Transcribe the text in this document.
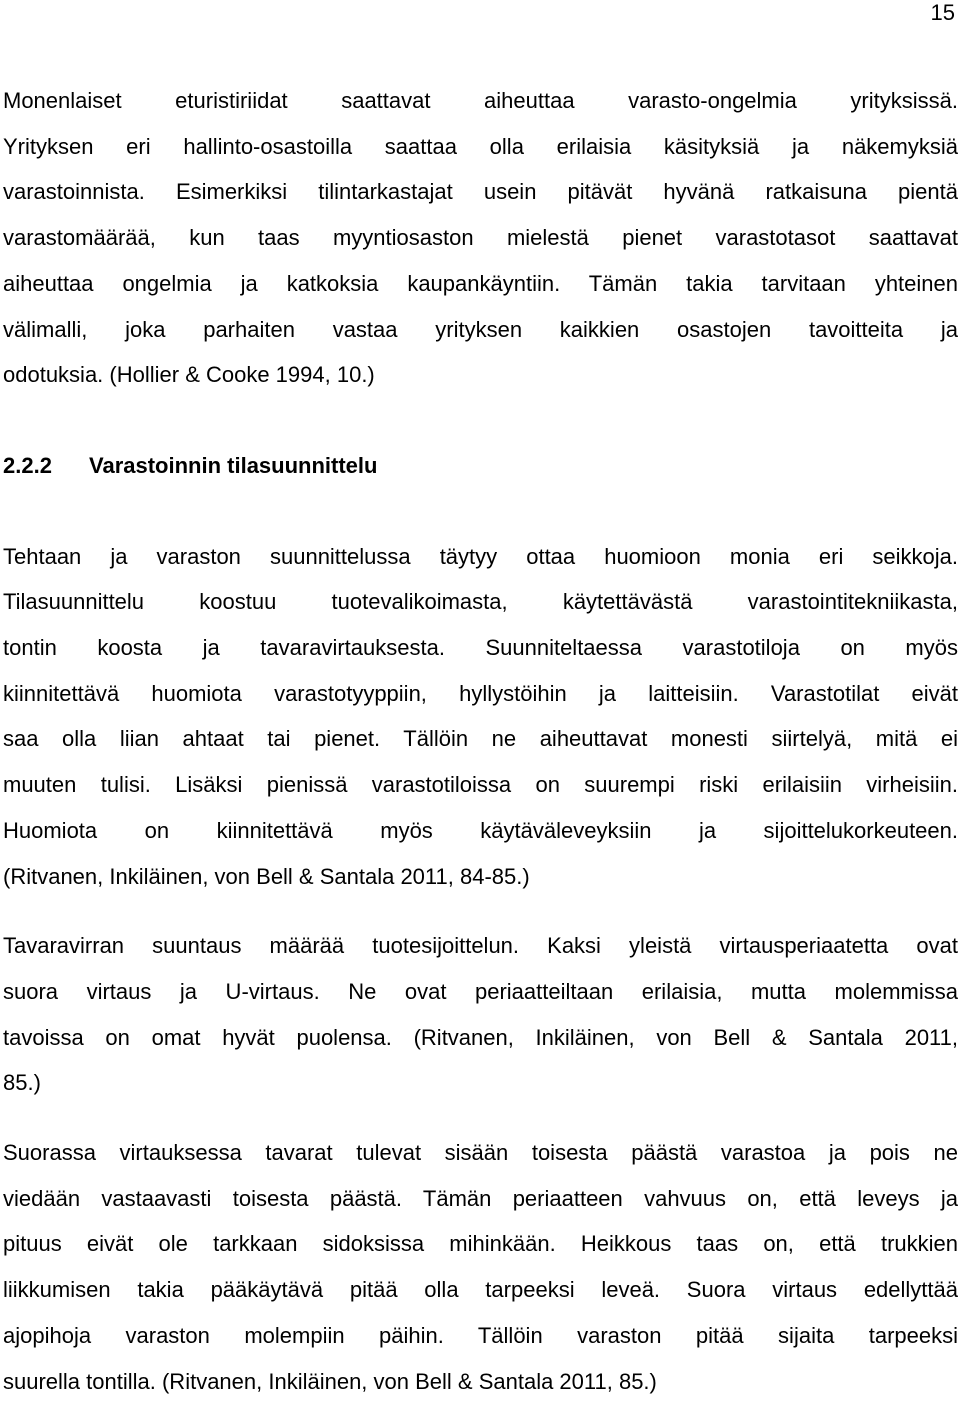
15

Monenlaiset eturistiriidat saattavat aiheuttaa varasto-ongelmia yrityksissä.
Yrityksen eri hallinto-osastoilla saattaa olla erilaisia käsityksiä ja näkemyksiä
varastoinnista. Esimerkiksi tilintarkastajat usein pitävät hyvänä ratkaisuna pientä
varastomäärää, kun taas myyntiosaston mielestä pienet varastotasot saattavat
aiheuttaa ongelmia ja katkoksia kaupankäyntiin. Tämän takia tarvitaan yhteinen
välimalli, joka parhaiten vastaa yrityksen kaikkien osastojen tavoitteita ja
odotuksia. (Hollier & Cooke 1994, 10.)

2.2.2 Varastoinnin tilasuunnittelu

Tehtaan ja varaston suunnittelussa täytyy ottaa huomioon monia eri seikkoja.
Tilasuunnittelu koostuu tuotevalikoimasta, käytettävästä varastointitekniikasta,
tontin koosta ja tavaravirtauksesta. Suunniteltaessa varastotiloja on myös
kiinnitettävä huomiota varastotyyppiin, hyllystöihin ja laitteisiin. Varastotilat eivät
saa olla liian ahtaat tai pienet. Tällöin ne aiheuttavat monesti siirtelyä, mitä ei
muuten tulisi. Lisäksi pienissä varastotiloissa on suurempi riski erilaisiin virheisiin.
Huomiota on kiinnitettävä myös käytäväleveyksiin ja sijoittelukorkeuteen.
(Ritvanen, Inkiläinen, von Bell & Santala 2011, 84-85.)

Tavaravirran suuntaus määrää tuotesijoittelun. Kaksi yleistä virtausperiaatetta ovat
suora virtaus ja U-virtaus. Ne ovat periaatteiltaan erilaisia, mutta molemmissa
tavoissa on omat hyvät puolensa. (Ritvanen, Inkiläinen, von Bell & Santala 2011,
85.)

Suorassa virtauksessa tavarat tulevat sisään toisesta päästä varastoa ja pois ne
viedään vastaavasti toisesta päästä. Tämän periaatteen vahvuus on, että leveys ja
pituus eivät ole tarkkaan sidoksissa mihinkään. Heikkous taas on, että trukkien
liikkumisen takia pääkäytävä pitää olla tarpeeksi leveä. Suora virtaus edellyttää
ajopihoja varaston molempiin päihin. Tällöin varaston pitää sijaita tarpeeksi
suurella tontilla. (Ritvanen, Inkiläinen, von Bell & Santala 2011, 85.)
